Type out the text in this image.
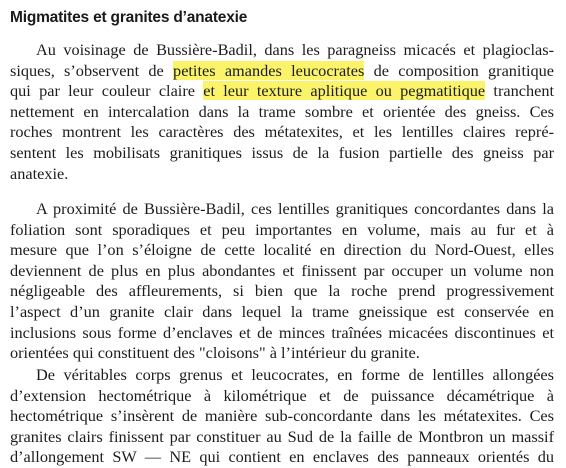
Migmatites et granites d’anatexie
Au voisinage de Bussière-Badil, dans les paragneiss micacés et plagioclas-
siques, s’observent de petites amandes leucocrates de composition granitique
qui par leur couleur claire et leur texture aplitique ou pegmatitique tranchent
nettement en intercalation dans la trame sombre et orientée des gneiss. Ces
roches montrent les caractères des métatexites, et les lentilles claires repré-
sentent les mobilisats granitiques issus de la fusion partielle des gneiss par
anatexie.
A proximité de Bussière-Badil, ces lentilles granitiques concordantes dans la
foliation sont sporadiques et peu importantes en volume, mais au fur et à
mesure que l’on s’éloigne de cette localité en direction du Nord-Ouest, elles
deviennent de plus en plus abondantes et finissent par occuper un volume non
négligeable des affleurements, si bien que la roche prend progressivement
l’aspect d’un granite clair dans lequel la trame gneissique est conservée en
inclusions sous forme d’enclaves et de minces traînées micacées discontinues et
orientées qui constituent des "cloisons" à l’intérieur du granite.
De véritables corps grenus et leucocrates, en forme de lentilles allongées
d’extension hectométrique à kilométrique et de puissance décamétrique à
hectométrique s’insèrent de manière sub-concordante dans les métatexites. Ces
granites clairs finissent par constituer au Sud de la faille de Montbron un massif
d’allongement SW — NE qui contient en enclaves des panneaux orientés du
